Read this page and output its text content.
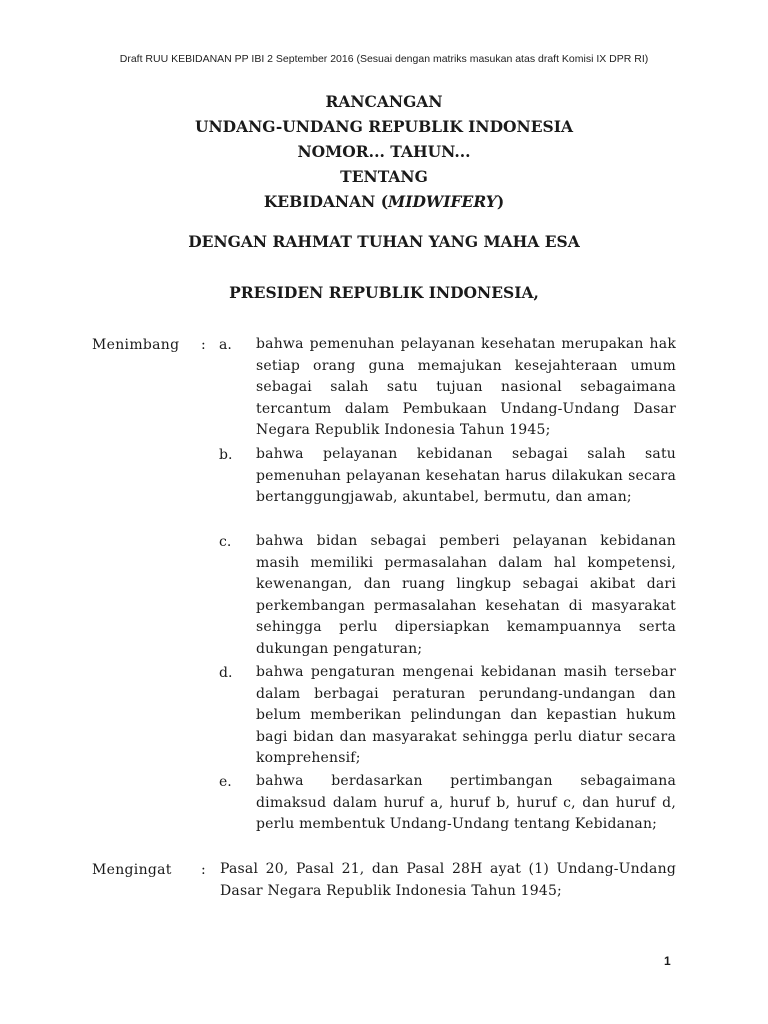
Draft RUU KEBIDANAN PP IBI 2 September 2016 (Sesuai dengan matriks masukan atas draft Komisi IX DPR RI)
RANCANGAN
UNDANG-UNDANG REPUBLIK INDONESIA
NOMOR... TAHUN...
TENTANG
KEBIDANAN (MIDWIFERY)
DENGAN RAHMAT TUHAN YANG MAHA ESA
PRESIDEN REPUBLIK INDONESIA,
Menimbang : a. bahwa pemenuhan pelayanan kesehatan merupakan hak setiap orang guna memajukan kesejahteraan umum sebagai salah satu tujuan nasional sebagaimana tercantum dalam Pembukaan Undang-Undang Dasar Negara Republik Indonesia Tahun 1945;
b. bahwa pelayanan kebidanan sebagai salah satu pemenuhan pelayanan kesehatan harus dilakukan secara bertanggungjawab, akuntabel, bermutu, dan aman;
c. bahwa bidan sebagai pemberi pelayanan kebidanan masih memiliki permasalahan dalam hal kompetensi, kewenangan, dan ruang lingkup sebagai akibat dari perkembangan permasalahan kesehatan di masyarakat sehingga perlu dipersiapkan kemampuannya serta dukungan pengaturan;
d. bahwa pengaturan mengenai kebidanan masih tersebar dalam berbagai peraturan perundang-undangan dan belum memberikan pelindungan dan kepastian hukum bagi bidan dan masyarakat sehingga perlu diatur secara komprehensif;
e. bahwa berdasarkan pertimbangan sebagaimana dimaksud dalam huruf a, huruf b, huruf c, dan huruf d, perlu membentuk Undang-Undang tentang Kebidanan;
Mengingat : Pasal 20, Pasal 21, dan Pasal 28H ayat (1) Undang-Undang Dasar Negara Republik Indonesia Tahun 1945;
1
